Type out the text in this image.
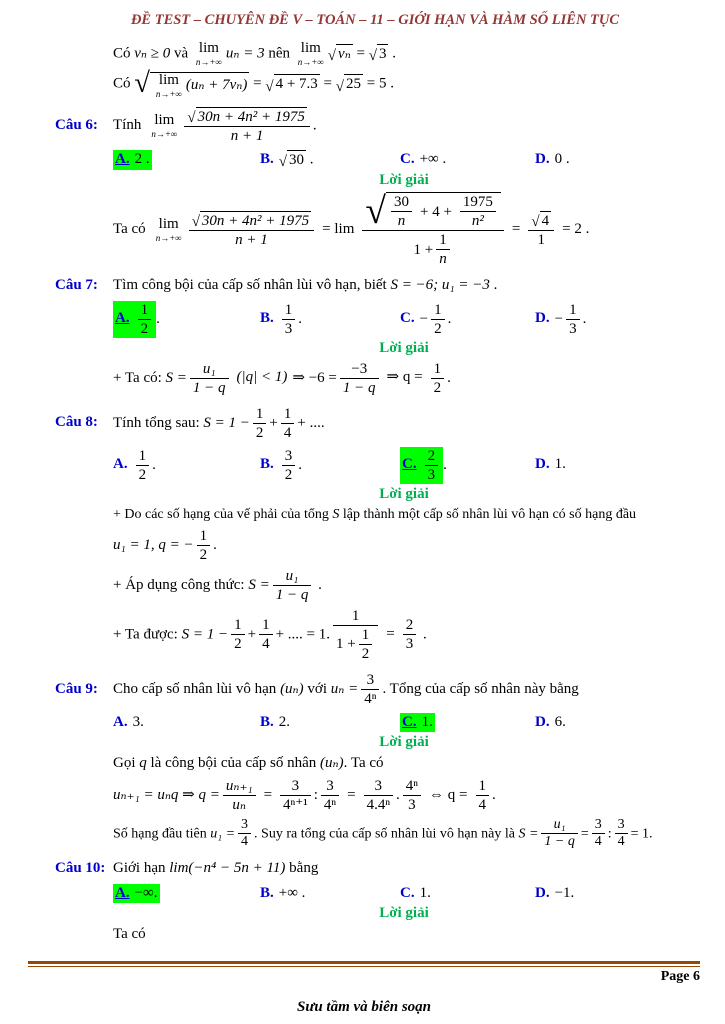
ĐỀ TEST – CHUYÊN ĐỀ V – TOÁN – 11 – GIỚI HẠN VÀ HÀM SỐ LIÊN TỤC
Có vₙ ≥ 0 và lim
n→+∞
uₙ = 3 nên lim
n→+∞
√
vₙ = √ 3 .
Có √ lim
n→+∞
(uₙ + 7vₙ) = √ 4 + 7.3 = √ 25 = 5 .
Câu 6: Tính lim
n→+∞ √ $\frac{\text{30n + 4n² + 1975}}{n + 1}$ .
A. 2 .	B. √ 30 .	C. +∞ .	D. 0 .
Lời giải
Ta có lim
n→+∞ √ $\frac{\text{30n + 4n² + 1975}}{n + 1} = \lim$ √ $\frac{\frac{30}{n} + 4 + \frac{1975}{\text{n²}}}{1 + \frac{1}{n}}$ = √ $\frac{4}{1} = 2$ .
Câu 7: Tìm công bội của cấp số nhân lùi vô hạn, biết S = −6; u₁ = −3 .
A. $\frac{1}{2}$ .	B. $\frac{1}{3}$ .	C. − $\frac{1}{2}$ .	D. − $\frac{1}{3}$ .
Lời giải
+ Ta có: $S = \frac{\text{u₁}}{1 - q} (|q| < 1)$ ⇒ $-6 = \frac{-3}{1 - q}$ ⇒ $q = \frac{1}{2}$ .
Câu 8: Tính tổng sau: $S = 1 - \frac{1}{2} + \frac{1}{4}$ + ....
A. $\frac{1}{2}$ .	B. $\frac{3}{2}$ .	C. $\frac{2}{3}$ .	D. 1.
Lời giải
+ Do các số hạng của vế phải của tổng S lập thành một cấp số nhân lùi vô hạn có số hạng đầu
u₁ = 1, q = − $\frac{1}{2}$ .
+ Áp dụng công thức: $S = \frac{\text{u₁}}{1 - q}$ .
+ Ta được: $S = 1 - \frac{1}{2} + \frac{1}{4}$ + .... = 1. $\frac{1}{1 + \frac{1}{2}} = \frac{2}{3}$ .
Câu 9: Cho cấp số nhân lùi vô hạn (uₙ) với $u_n = \frac{3}{\text{4ⁿ}}$ . Tổng của cấp số nhân này bằng
A. 3.	B. 2.	C. 1.	D. 6.
Lời giải
Gọi q là công bội của cấp số nhân (uₙ). Ta có
uₙ₊₁ = uₙq ⇒ $q = \frac{\text{uₙ₊₁}}{\text{uₙ}} = \frac{3}{\text{4ⁿ⁺¹}}$ : $\frac{3}{\text{4ⁿ}} = \frac{3}{\text{4.4ⁿ}}$ . $\frac{\text{4ⁿ}}{3}$ ⇔ $q = \frac{1}{4}$ .
Số hạng đầu tiên $u_1 = \frac{3}{4}$ . Suy ra tổng của cấp số nhân lùi vô hạn này là $S = \frac{\text{u₁}}{1 - q} = \frac{3}{4}$ : $\frac{3}{4} = 1$.
Câu 10: Giới hạn lim(−n⁴ − 5n + 11) bằng
A. −∞.	B. +∞ .	C. 1.	D. −1.
Lời giải
Ta có
Page 6
Sưu tầm và biên soạn
